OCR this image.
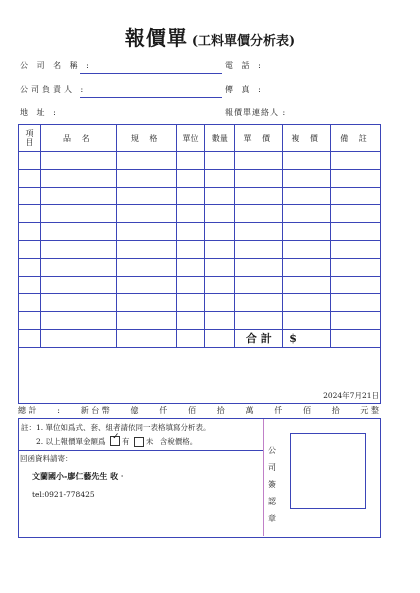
報價單 (工料單價分析表)
公 司 名 稱 :	電 話 :
公司負責人 :	傳 真 :
地 址 :	報價單連絡人 :
項
目	品 名	規 格	單位	數量	單 價	複 價	備 註

					合 計	$	
2024年7月21日
總 計	:	新 台 幣	億	仟	佰	拾	萬	仟	佰	拾	元 整
註：1. 單位如爲式、套、組者請依同一表格填寫分析表。
2. 以上報價單金額爲 ✓ 有 未 含稅價格。
回函資料請寄：
文蘭國小-廖仁藝先生 收‧
tel:0921-778425
公
司
簽
認
章
